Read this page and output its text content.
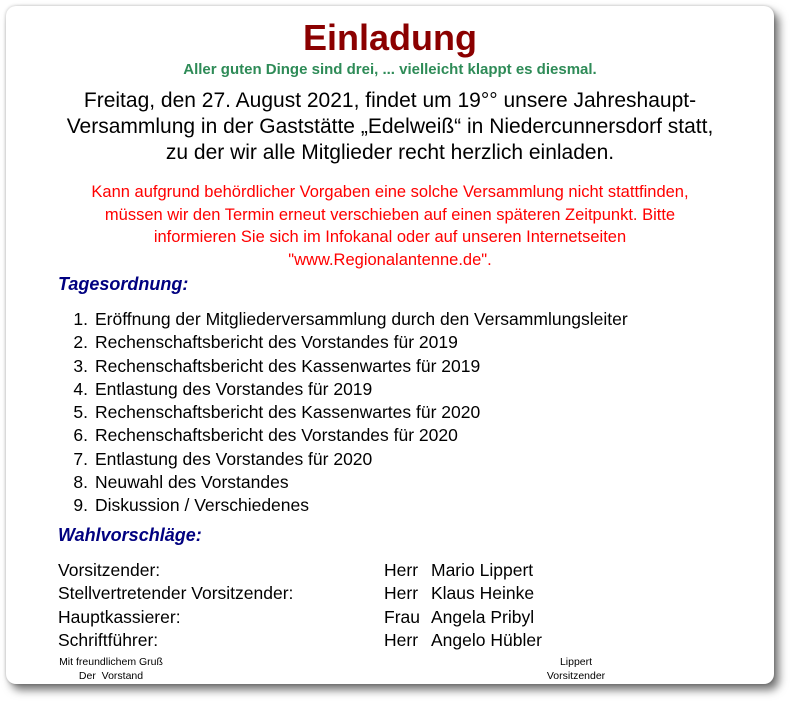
Einladung
Aller guten Dinge sind drei, ... vielleicht klappt es diesmal.
Freitag, den 27. August 2021, findet um 19°° unsere Jahreshaupt-
Versammlung in der Gaststätte „Edelweiß“ in Niedercunnersdorf statt,
zu der wir alle Mitglieder recht herzlich einladen.
Kann aufgrund behördlicher Vorgaben eine solche Versammlung nicht stattfinden,
müssen wir den Termin erneut verschieben auf einen späteren Zeitpunkt. Bitte
informieren Sie sich im Infokanal oder auf unseren Internetseiten
"www.Regionalantenne.de".
Tagesordnung:
1. Eröffnung der Mitgliederversammlung durch den Versammlungsleiter
2. Rechenschaftsbericht des Vorstandes für 2019
3. Rechenschaftsbericht des Kassenwartes für 2019
4. Entlastung des Vorstandes für 2019
5. Rechenschaftsbericht des Kassenwartes für 2020
6. Rechenschaftsbericht des Vorstandes für 2020
7. Entlastung des Vorstandes für 2020
8. Neuwahl des Vorstandes
9. Diskussion / Verschiedenes
Wahlvorschläge:
Vorsitzender:	Herr Mario Lippert
Stellvertretender Vorsitzender:	Herr Klaus Heinke
Hauptkassierer:	Frau Angela Pribyl
Schriftführer:	Herr Angelo Hübler
Mit freundlichem Gruß
Der  Vorstand
Lippert
Vorsitzender
